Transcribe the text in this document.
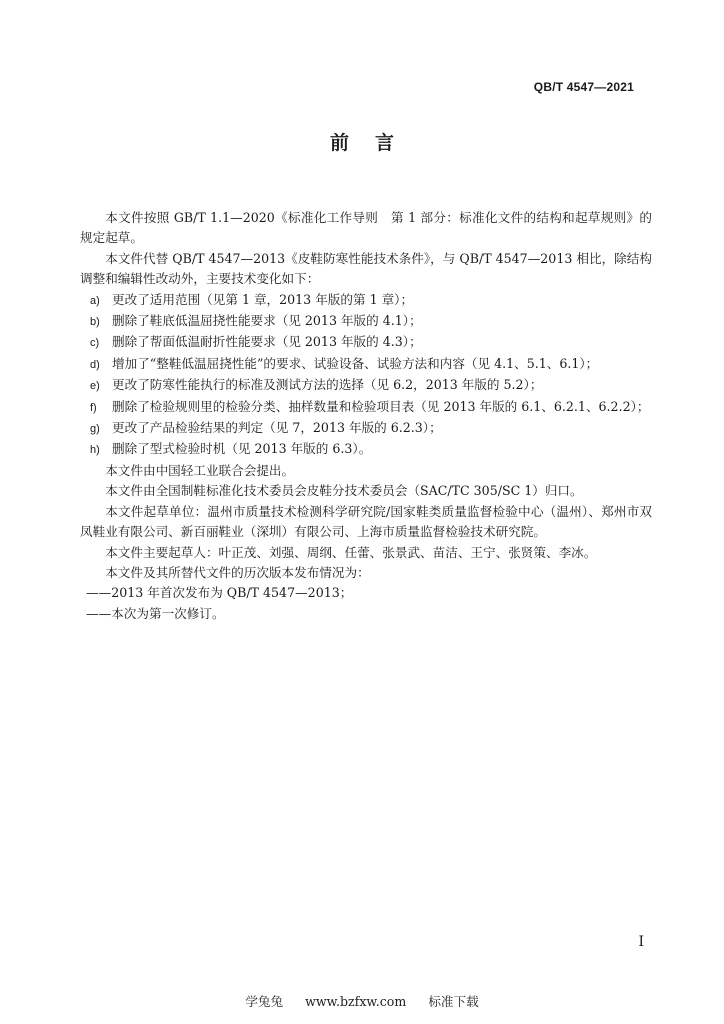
QB/T 4547—2021
前言

本文件按照 GB/T 1.1—2020《标准化工作导则　第 1 部分：标准化文件的结构和起草规则》的规定起草。

本文件代替 QB/T 4547—2013《皮鞋防寒性能技术条件》，与 QB/T 4547—2013 相比，除结构调整和编辑性改动外，主要技术变化如下：

a) 更改了适用范围（见第 1 章，2013 年版的第 1 章）；
b) 删除了鞋底低温屈挠性能要求（见 2013 年版的 4.1）；
c) 删除了帮面低温耐折性能要求（见 2013 年版的 4.3）；
d) 增加了“整鞋低温屈挠性能”的要求、试验设备、试验方法和内容（见 4.1、5.1、6.1）；
e) 更改了防寒性能执行的标准及测试方法的选择（见 6.2，2013 年版的 5.2）；
f) 删除了检验规则里的检验分类、抽样数量和检验项目表（见 2013 年版的 6.1、6.2.1、6.2.2）；
g) 更改了产品检验结果的判定（见 7，2013 年版的 6.2.3）；
h) 删除了型式检验时机（见 2013 年版的 6.3）。

本文件由中国轻工业联合会提出。

本文件由全国制鞋标准化技术委员会皮鞋分技术委员会（SAC/TC 305/SC 1）归口。

本文件起草单位：温州市质量技术检测科学研究院/国家鞋类质量监督检验中心（温州）、郑州市双凤鞋业有限公司、新百丽鞋业（深圳）有限公司、上海市质量监督检验技术研究院。

本文件主要起草人：叶正茂、刘强、周纲、任蕾、张景武、苗洁、王宁、张贤策、李冰。

本文件及其所替代文件的历次版本发布情况为：

——2013 年首次发布为 QB/T 4547—2013；
——本次为第一次修订。
I
学兔兔 www.bzfxw.com 标准下载
